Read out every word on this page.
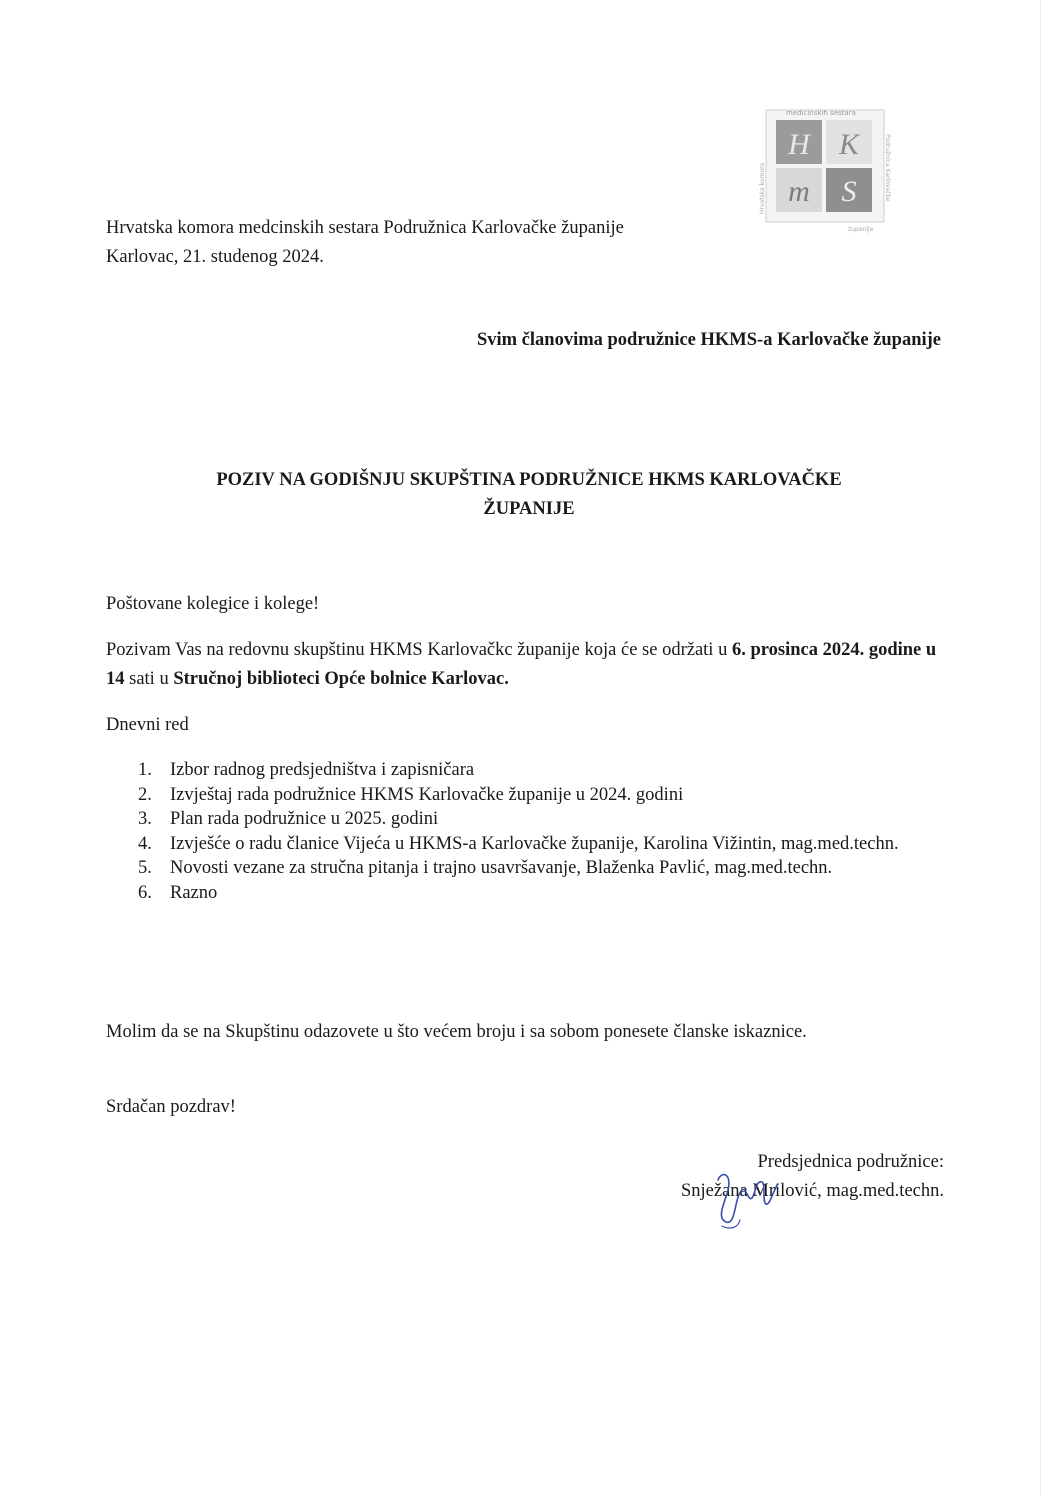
medicinskih sestara
Hrvatska komora	Podružnica Karlovačke
županije
H K
m S
Hrvatska komora medcinskih sestara Podružnica Karlovačke županije
Karlovac, 21. studenog 2024.
Svim članovima podružnice HKMS-a Karlovačke županije
POZIV NA GODIŠNJU SKUPŠTINA PODRUŽNICE HKMS KARLOVAČKE
ŽUPANIJE
Poštovane kolegice i kolege!
Pozivam Vas na redovnu skupštinu HKMS Karlovačkc županije koja će se održati u 6. prosinca 2024. godine u 14 sati u Stručnoj biblioteci Opće bolnice Karlovac.
Dnevni red
1. Izbor radnog predsjedništva i zapisničara
2. Izvještaj rada podružnice HKMS Karlovačke županije u 2024. godini
3. Plan rada podružnice u 2025. godini
4. Izvješće o radu članice Vijeća u HKMS-a Karlovačke županije, Karolina Vižintin, mag.med.techn.
5. Novosti vezane za stručna pitanja i trajno usavršavanje, Blaženka Pavlić, mag.med.techn.
6. Razno
Molim da se na Skupštinu odazovete u što većem broju i sa sobom ponesete članske iskaznice.
Srdačan pozdrav!
Predsjednica podružnice:
Snježana Mrilović, mag.med.techn.
